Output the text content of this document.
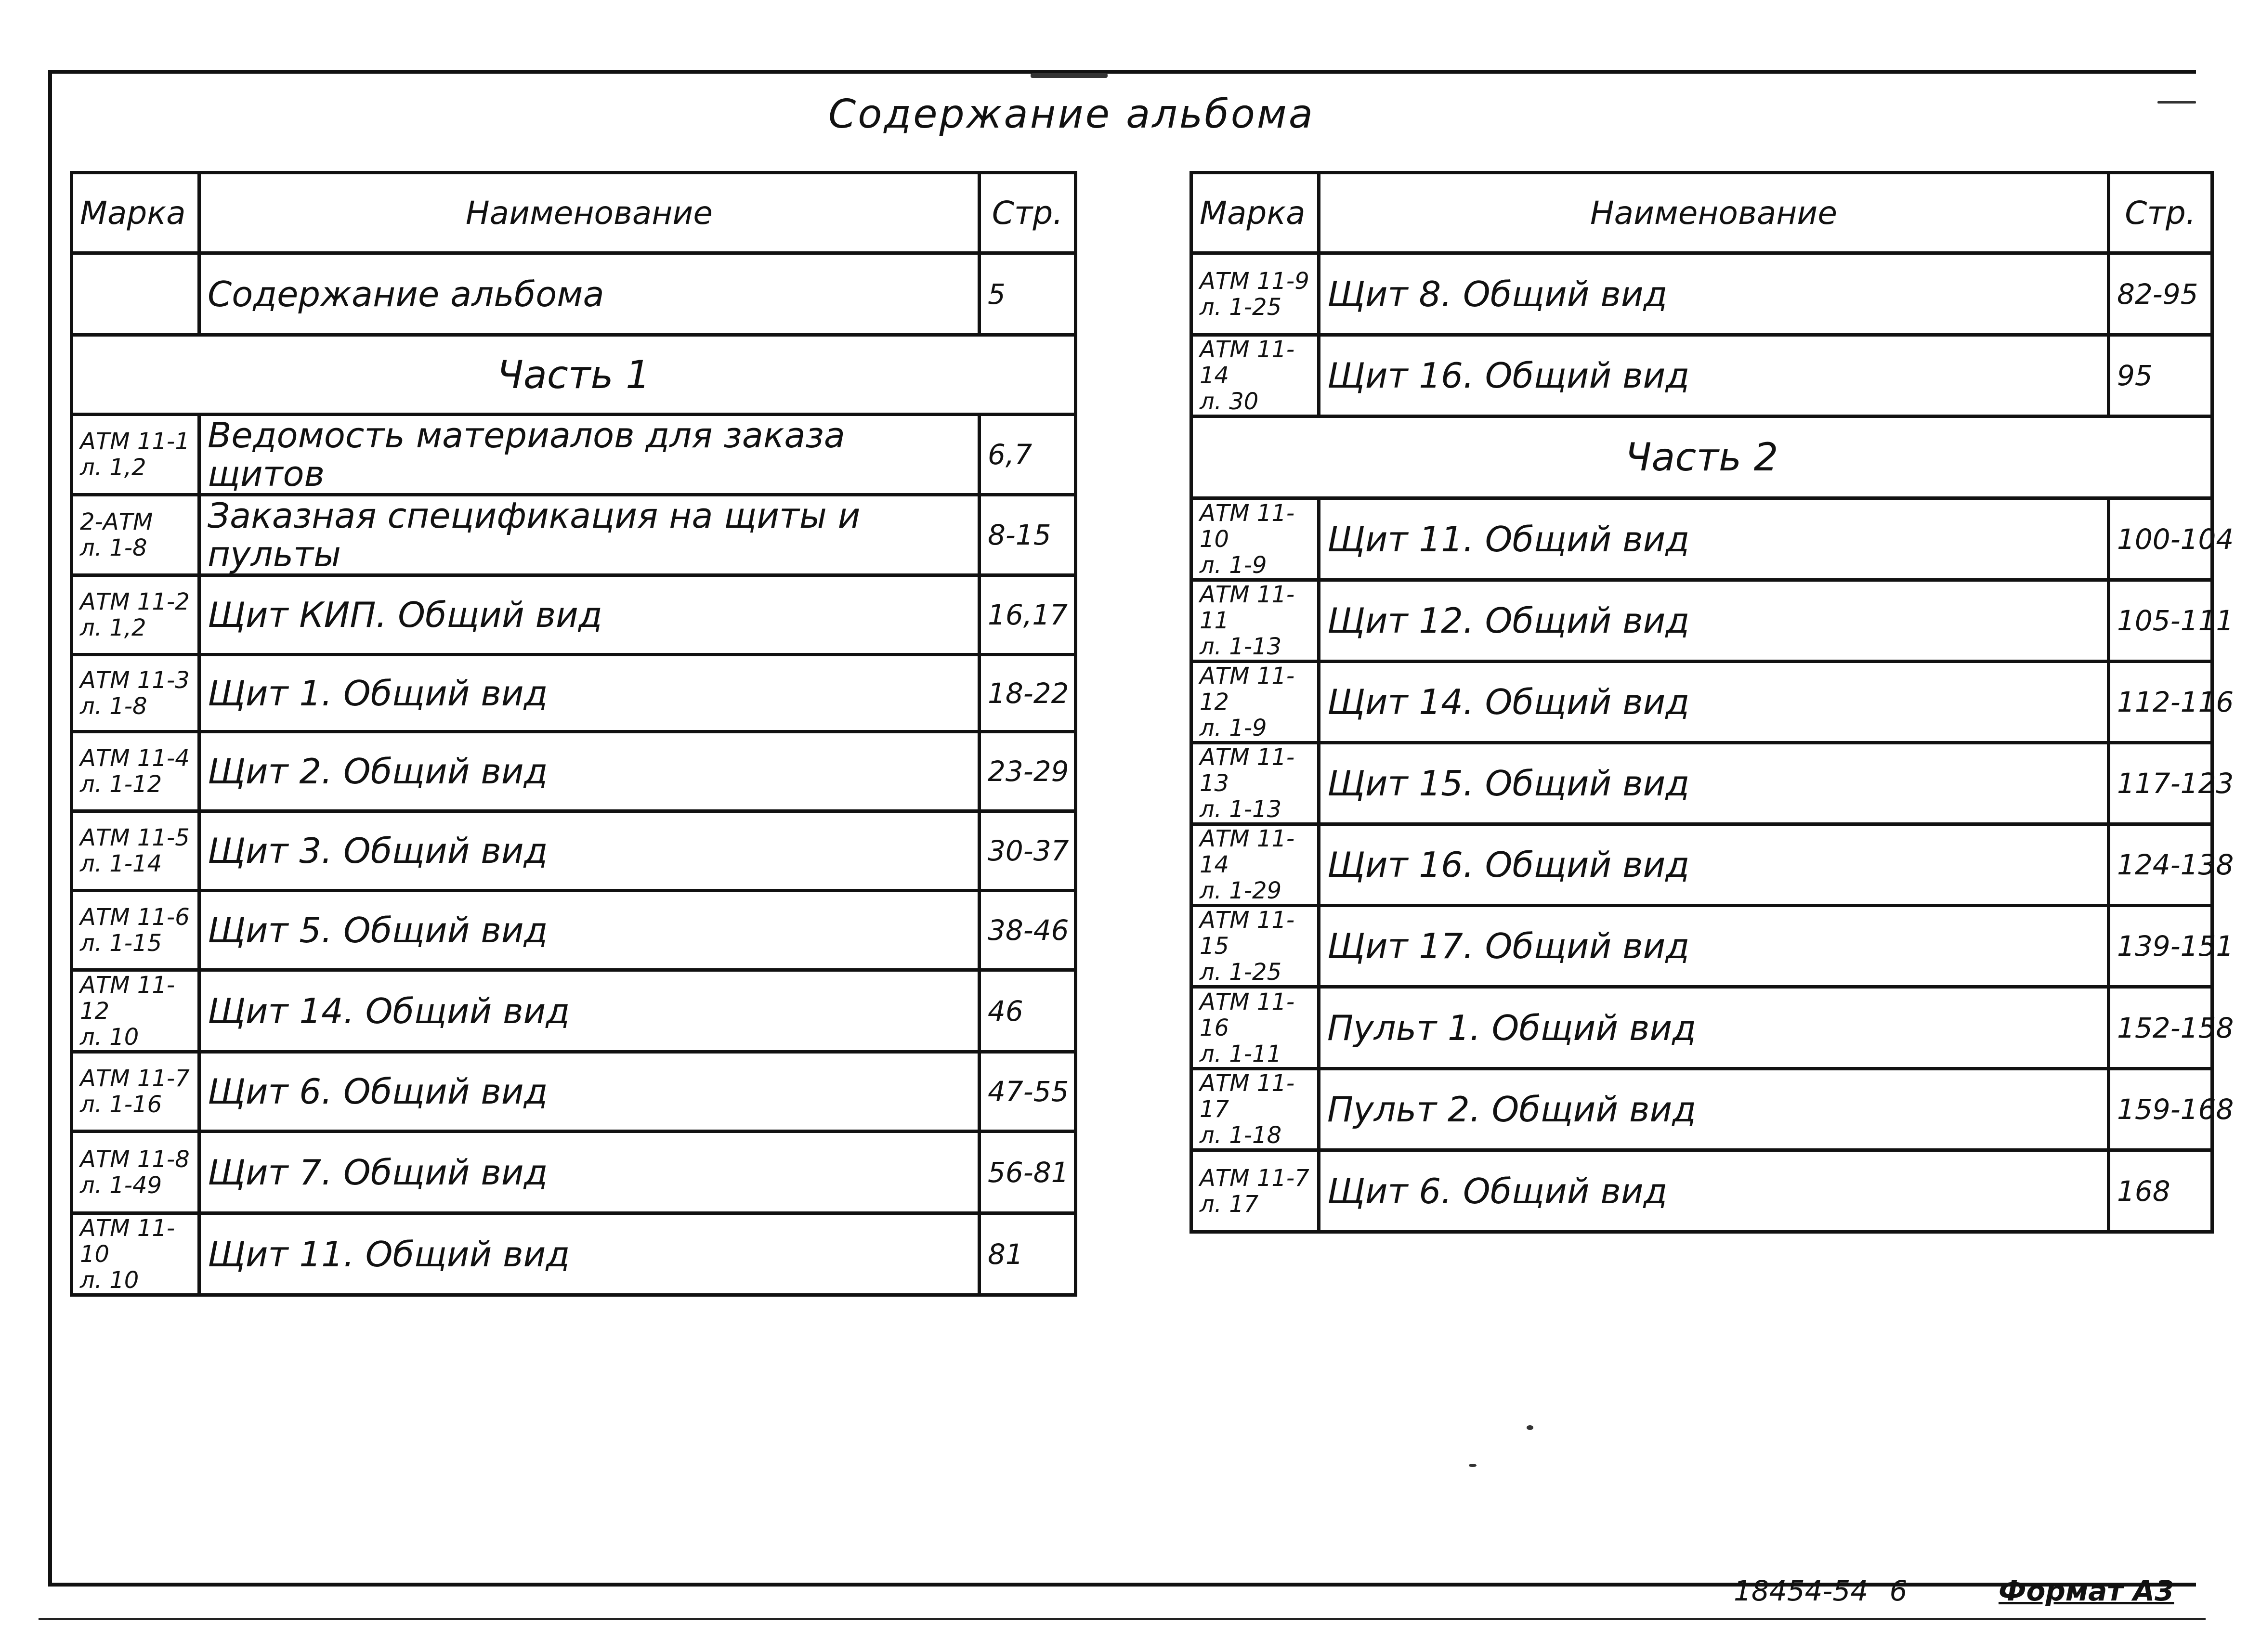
Содержание альбома
Марка	Наименование	Стр.
	Содержание альбома	5
Часть 1		
АТМ 11-1
л. 1,2	Ведомость материалов для заказа щитов	6,7
2-АТМ
л. 1-8	Заказная спецификация на щиты и пульты	8-15
АТМ 11-2
л. 1,2	Щит КИП. Общий вид	16,17
АТМ 11-3
л. 1-8	Щит 1. Общий вид	18-22
АТМ 11-4
л. 1-12	Щит 2. Общий вид	23-29
АТМ 11-5
л. 1-14	Щит 3. Общий вид	30-37
АТМ 11-6
л. 1-15	Щит 5. Общий вид	38-46
АТМ 11-12
л. 10	Щит 14. Общий вид	46
АТМ 11-7
л. 1-16	Щит 6. Общий вид	47-55
АТМ 11-8
л. 1-49	Щит 7. Общий вид	56-81
АТМ 11-10
л. 10	Щит 11. Общий вид	81
Марка	Наименование	Стр.
АТМ 11-9
л. 1-25	Щит 8. Общий вид	82-95
АТМ 11-14
л. 30	Щит 16. Общий вид	95
Часть 2		
АТМ 11-10
л. 1-9	Щит 11. Общий вид	100-104
АТМ 11-11
л. 1-13	Щит 12. Общий вид	105-111
АТМ 11-12
л. 1-9	Щит 14. Общий вид	112-116
АТМ 11-13
л. 1-13	Щит 15. Общий вид	117-123
АТМ 11-14
л. 1-29	Щит 16. Общий вид	124-138
АТМ 11-15
л. 1-25	Щит 17. Общий вид	139-151
АТМ 11-16
л. 1-11	Пульт 1. Общий вид	152-158
АТМ 11-17
л. 1-18	Пульт 2. Общий вид	159-168
АТМ 11-7
л. 17	Щит 6. Общий вид	168
18454-54 6	Формат А3
